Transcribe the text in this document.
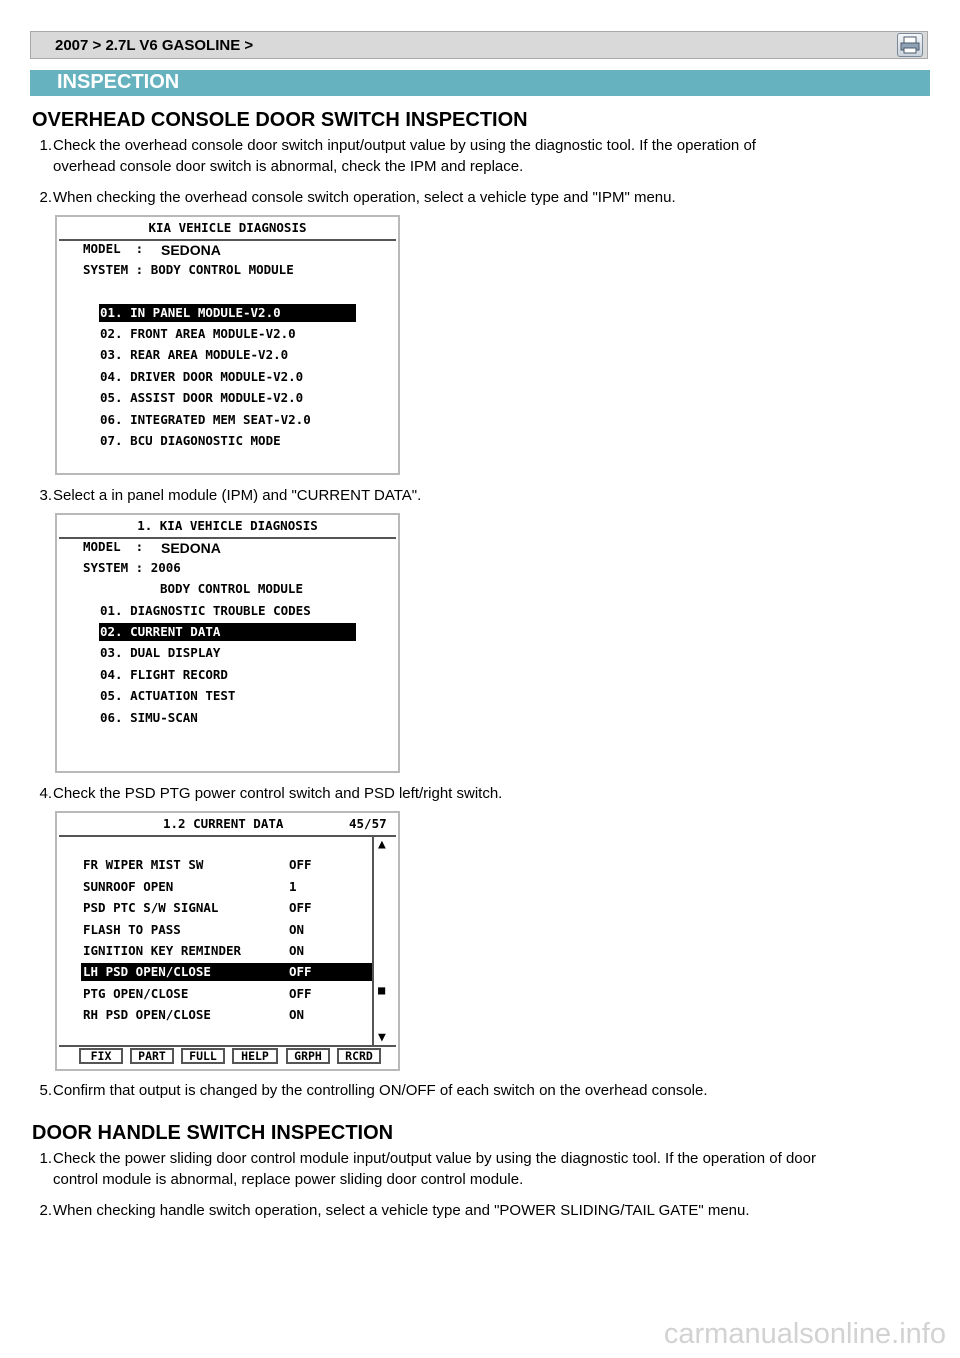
2007 > 2.7L V6 GASOLINE >
INSPECTION
OVERHEAD CONSOLE DOOR SWITCH INSPECTION
1. Check the overhead console door switch input/output value by using the diagnostic tool. If the operation of
overhead console door switch is abnormal, check the IPM and replace.
2. When checking the overhead console switch operation, select a vehicle type and "IPM" menu.
KIA VEHICLE DIAGNOSIS
MODEL  : SEDONA
SYSTEM : BODY CONTROL MODULE
01. IN PANEL MODULE-V2.0
02. FRONT AREA MODULE-V2.0
03. REAR AREA MODULE-V2.0
04. DRIVER DOOR MODULE-V2.0
05. ASSIST DOOR MODULE-V2.0
06. INTEGRATED MEM SEAT-V2.0
07. BCU DIAGONOSTIC MODE
3. Select a in panel module (IPM) and "CURRENT DATA".
1. KIA VEHICLE DIAGNOSIS
MODEL  : SEDONA
SYSTEM : 2006
BODY CONTROL MODULE
01. DIAGNOSTIC TROUBLE CODES
02. CURRENT DATA
03. DUAL DISPLAY
04. FLIGHT RECORD
05. ACTUATION TEST
06. SIMU-SCAN
4. Check the PSD PTG power control switch and PSD left/right switch.
1.2 CURRENT DATA	45/57
FR WIPER MIST SW	OFF
SUNROOF OPEN	1
PSD PTC S/W SIGNAL	OFF
FLASH TO PASS	ON
IGNITION KEY REMINDER	ON
LH PSD OPEN/CLOSE	OFF
PTG OPEN/CLOSE	OFF
RH PSD OPEN/CLOSE	ON
▲
■
▼
FIX	PART	FULL	HELP	GRPH	RCRD
5. Confirm that output is changed by the controlling ON/OFF of each switch on the overhead console.
DOOR HANDLE SWITCH INSPECTION
1. Check the power sliding door control module input/output value by using the diagnostic tool. If the operation of door
control module is abnormal, replace power sliding door control module.
2. When checking handle switch operation, select a vehicle type and "POWER SLIDING/TAIL GATE" menu.
carmanualsonline.info
